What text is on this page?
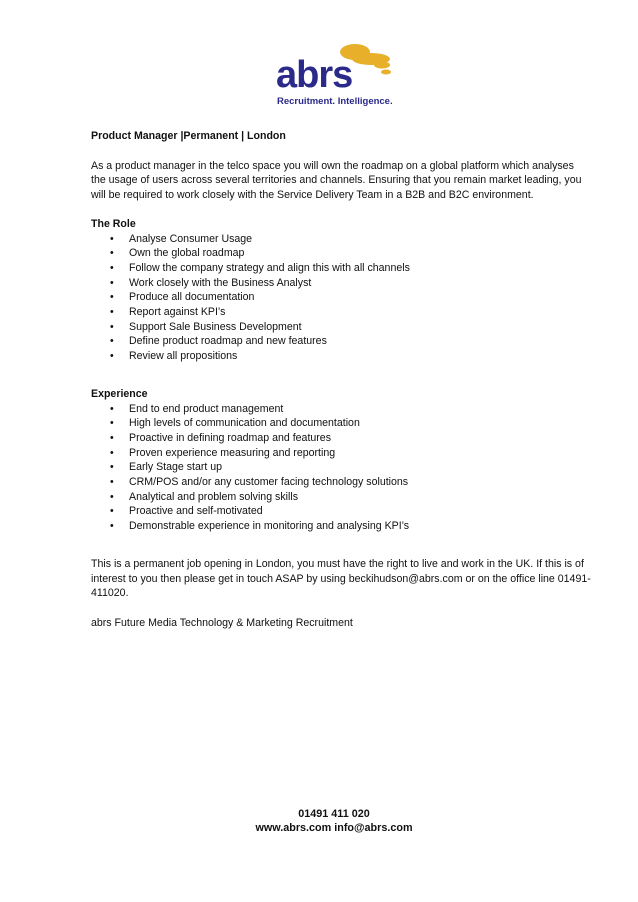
abrs
Recruitment. Intelligence.

Product Manager |Permanent | London

As a product manager in the telco space you will own the roadmap on a global platform which analyses the usage of users across several territories and channels. Ensuring that you remain market leading, you will be required to work closely with the Service Delivery Team in a B2B and B2C environment.

The Role

• Analyse Consumer Usage
• Own the global roadmap
• Follow the company strategy and align this with all channels
• Work closely with the Business Analyst
• Produce all documentation
• Report against KPI’s
• Support Sale Business Development
• Define product roadmap and new features
• Review all propositions

Experience

• End to end product management
• High levels of communication and documentation
• Proactive in defining roadmap and features
• Proven experience measuring and reporting
• Early Stage start up
• CRM/POS and/or any customer facing technology solutions
• Analytical and problem solving skills
• Proactive and self-motivated
• Demonstrable experience in monitoring and analysing KPI’s

This is a permanent job opening in London, you must have the right to live and work in the UK. If this is of interest to you then please get in touch ASAP by using beckihudson@abrs.com or on the office line 01491-411020.

abrs Future Media Technology & Marketing Recruitment

01491 411 020
www.abrs.com info@abrs.com
